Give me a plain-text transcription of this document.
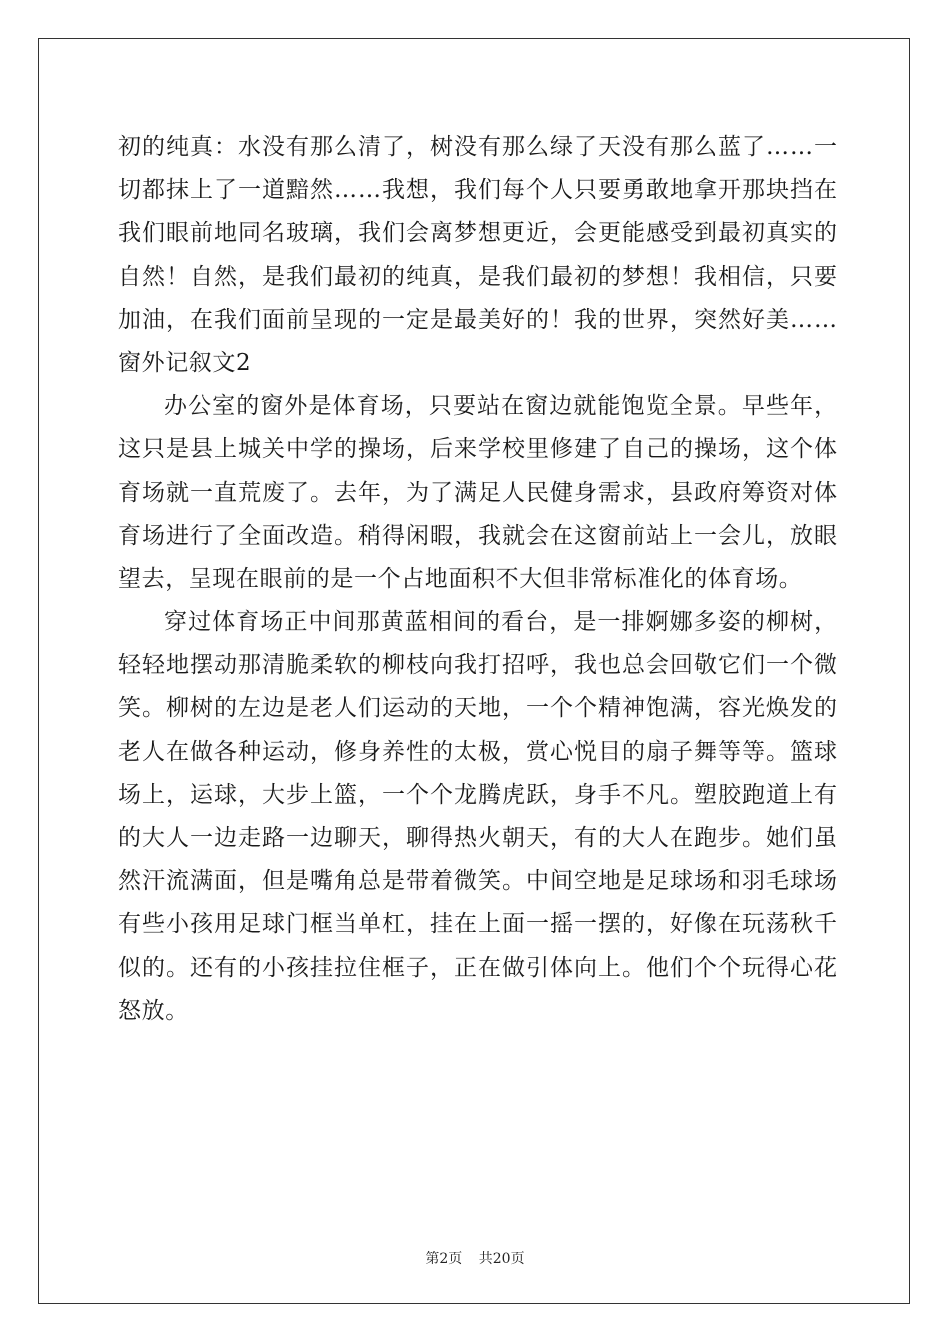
初 的 纯 真 ： 水 没 有 那 么 清 了 ， 树 没 有 那 么 绿 了 天 没 有 那 么 蓝 了 … … 一
切 都 抹 上 了 一 道 黯 然 … … 我 想 ， 我 们 每 个 人 只 要 勇 敢 地 拿 开 那 块 挡 在
我 们 眼 前 地 同 名 玻 璃 ， 我 们 会 离 梦 想 更 近 ， 会 更 能 感 受 到 最 初 真 实 的
自 然 ！ 自 然 ， 是 我 们 最 初 的 纯 真 ， 是 我 们 最 初 的 梦 想 ！ 我 相 信 ， 只 要
加 油 ， 在 我 们 面 前 呈 现 的 一 定 是 最 美 好 的 ！ 我 的 世 界 ， 突 然 好 美 … …
窗外记叙文2
办 公 室 的 窗 外 是 体 育 场 ， 只 要 站 在 窗 边 就 能 饱 览 全 景 。 早 些 年 ，
这 只 是 县 上 城 关 中 学 的 操 场 ， 后 来 学 校 里 修 建 了 自 己 的 操 场 ， 这 个 体
育 场 就 一 直 荒 废 了 。 去 年 ， 为 了 满 足 人 民 健 身 需 求 ， 县 政 府 筹 资 对 体
育 场 进 行 了 全 面 改 造 。 稍 得 闲 暇 ， 我 就 会 在 这 窗 前 站 上 一 会 儿 ， 放 眼
望去，呈现在眼前的是一个占地面积不大但非常标准化的体育场。
穿 过 体 育 场 正 中 间 那 黄 蓝 相 间 的 看 台 ， 是 一 排 婀 娜 多 姿 的 柳 树 ，
轻 轻 地 摆 动 那 清 脆 柔 软 的 柳 枝 向 我 打 招 呼 ， 我 也 总 会 回 敬 它 们 一 个 微
笑 。 柳 树 的 左 边 是 老 人 们 运 动 的 天 地 ， 一 个 个 精 神 饱 满 ， 容 光 焕 发 的
老 人 在 做 各 种 运 动 ， 修 身 养 性 的 太 极 ， 赏 心 悦 目 的 扇 子 舞 等 等 。 篮 球
场 上 ， 运 球 ， 大 步 上 篮 ， 一 个 个 龙 腾 虎 跃 ， 身 手 不 凡 。 塑 胶 跑 道 上 有
的 大 人 一 边 走 路 一 边 聊 天 ， 聊 得 热 火 朝 天 ， 有 的 大 人 在 跑 步 。 她 们 虽
然 汗 流 满 面 ， 但 是 嘴 角 总 是 带 着 微 笑 。 中 间 空 地 是 足 球 场 和 羽 毛 球 场
有 些 小 孩 用 足 球 门 框 当 单 杠 ， 挂 在 上 面 一 摇 一 摆 的 ， 好 像 在 玩 荡 秋 千
似 的 。 还 有 的 小 孩 挂 拉 住 框 子 ， 正 在 做 引 体 向 上 。 他 们 个 个 玩 得 心 花
怒放。
第2页 共20页
